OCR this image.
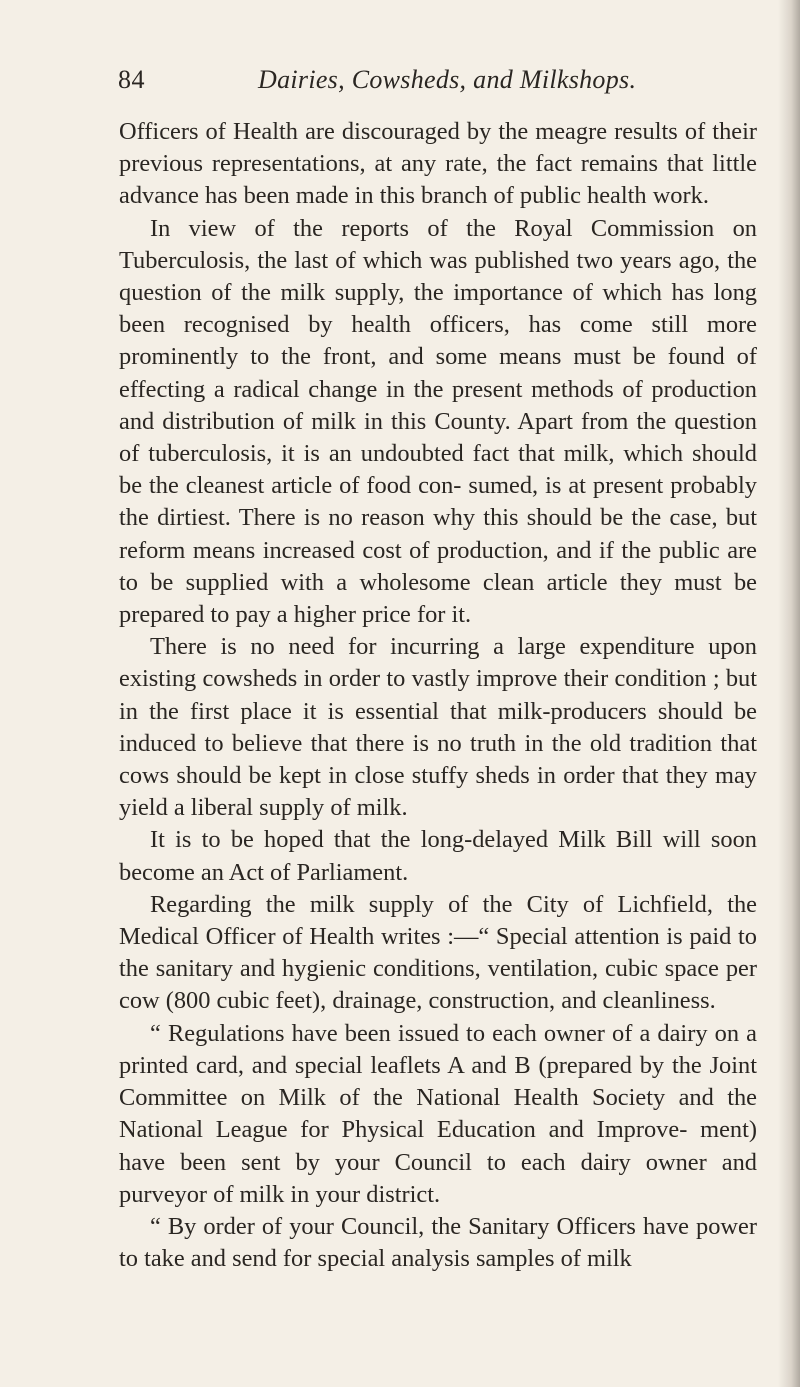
84	Dairies, Cowsheds, and Milkshops.

Officers of Health are discouraged by the meagre results of their previous representations, at any rate, the fact remains that little advance has been made in this branch of public health work.

In view of the reports of the Royal Commission on Tuberculosis, the last of which was published two years ago, the question of the milk supply, the importance of which has long been recognised by health officers, has come still more prominently to the front, and some means must be found of effecting a radical change in the present methods of production and distribution of milk in this County. Apart from the question of tuberculosis, it is an undoubted fact that milk, which should be the cleanest article of food con- sumed, is at present probably the dirtiest. There is no reason why this should be the case, but reform means increased cost of production, and if the public are to be supplied with a wholesome clean article they must be prepared to pay a higher price for it.

There is no need for incurring a large expenditure upon existing cowsheds in order to vastly improve their condition ; but in the first place it is essential that milk-producers should be induced to believe that there is no truth in the old tradition that cows should be kept in close stuffy sheds in order that they may yield a liberal supply of milk.

It is to be hoped that the long-delayed Milk Bill will soon become an Act of Parliament.

Regarding the milk supply of the City of Lichfield, the Medical Officer of Health writes :—“ Special attention is paid to the sanitary and hygienic conditions, ventilation, cubic space per cow (800 cubic feet), drainage, construction, and cleanliness.

“ Regulations have been issued to each owner of a dairy on a printed card, and special leaflets A and B (prepared by the Joint Committee on Milk of the National Health Society and the National League for Physical Education and Improve- ment) have been sent by your Council to each dairy owner and purveyor of milk in your district.

“ By order of your Council, the Sanitary Officers have power to take and send for special analysis samples of milk
